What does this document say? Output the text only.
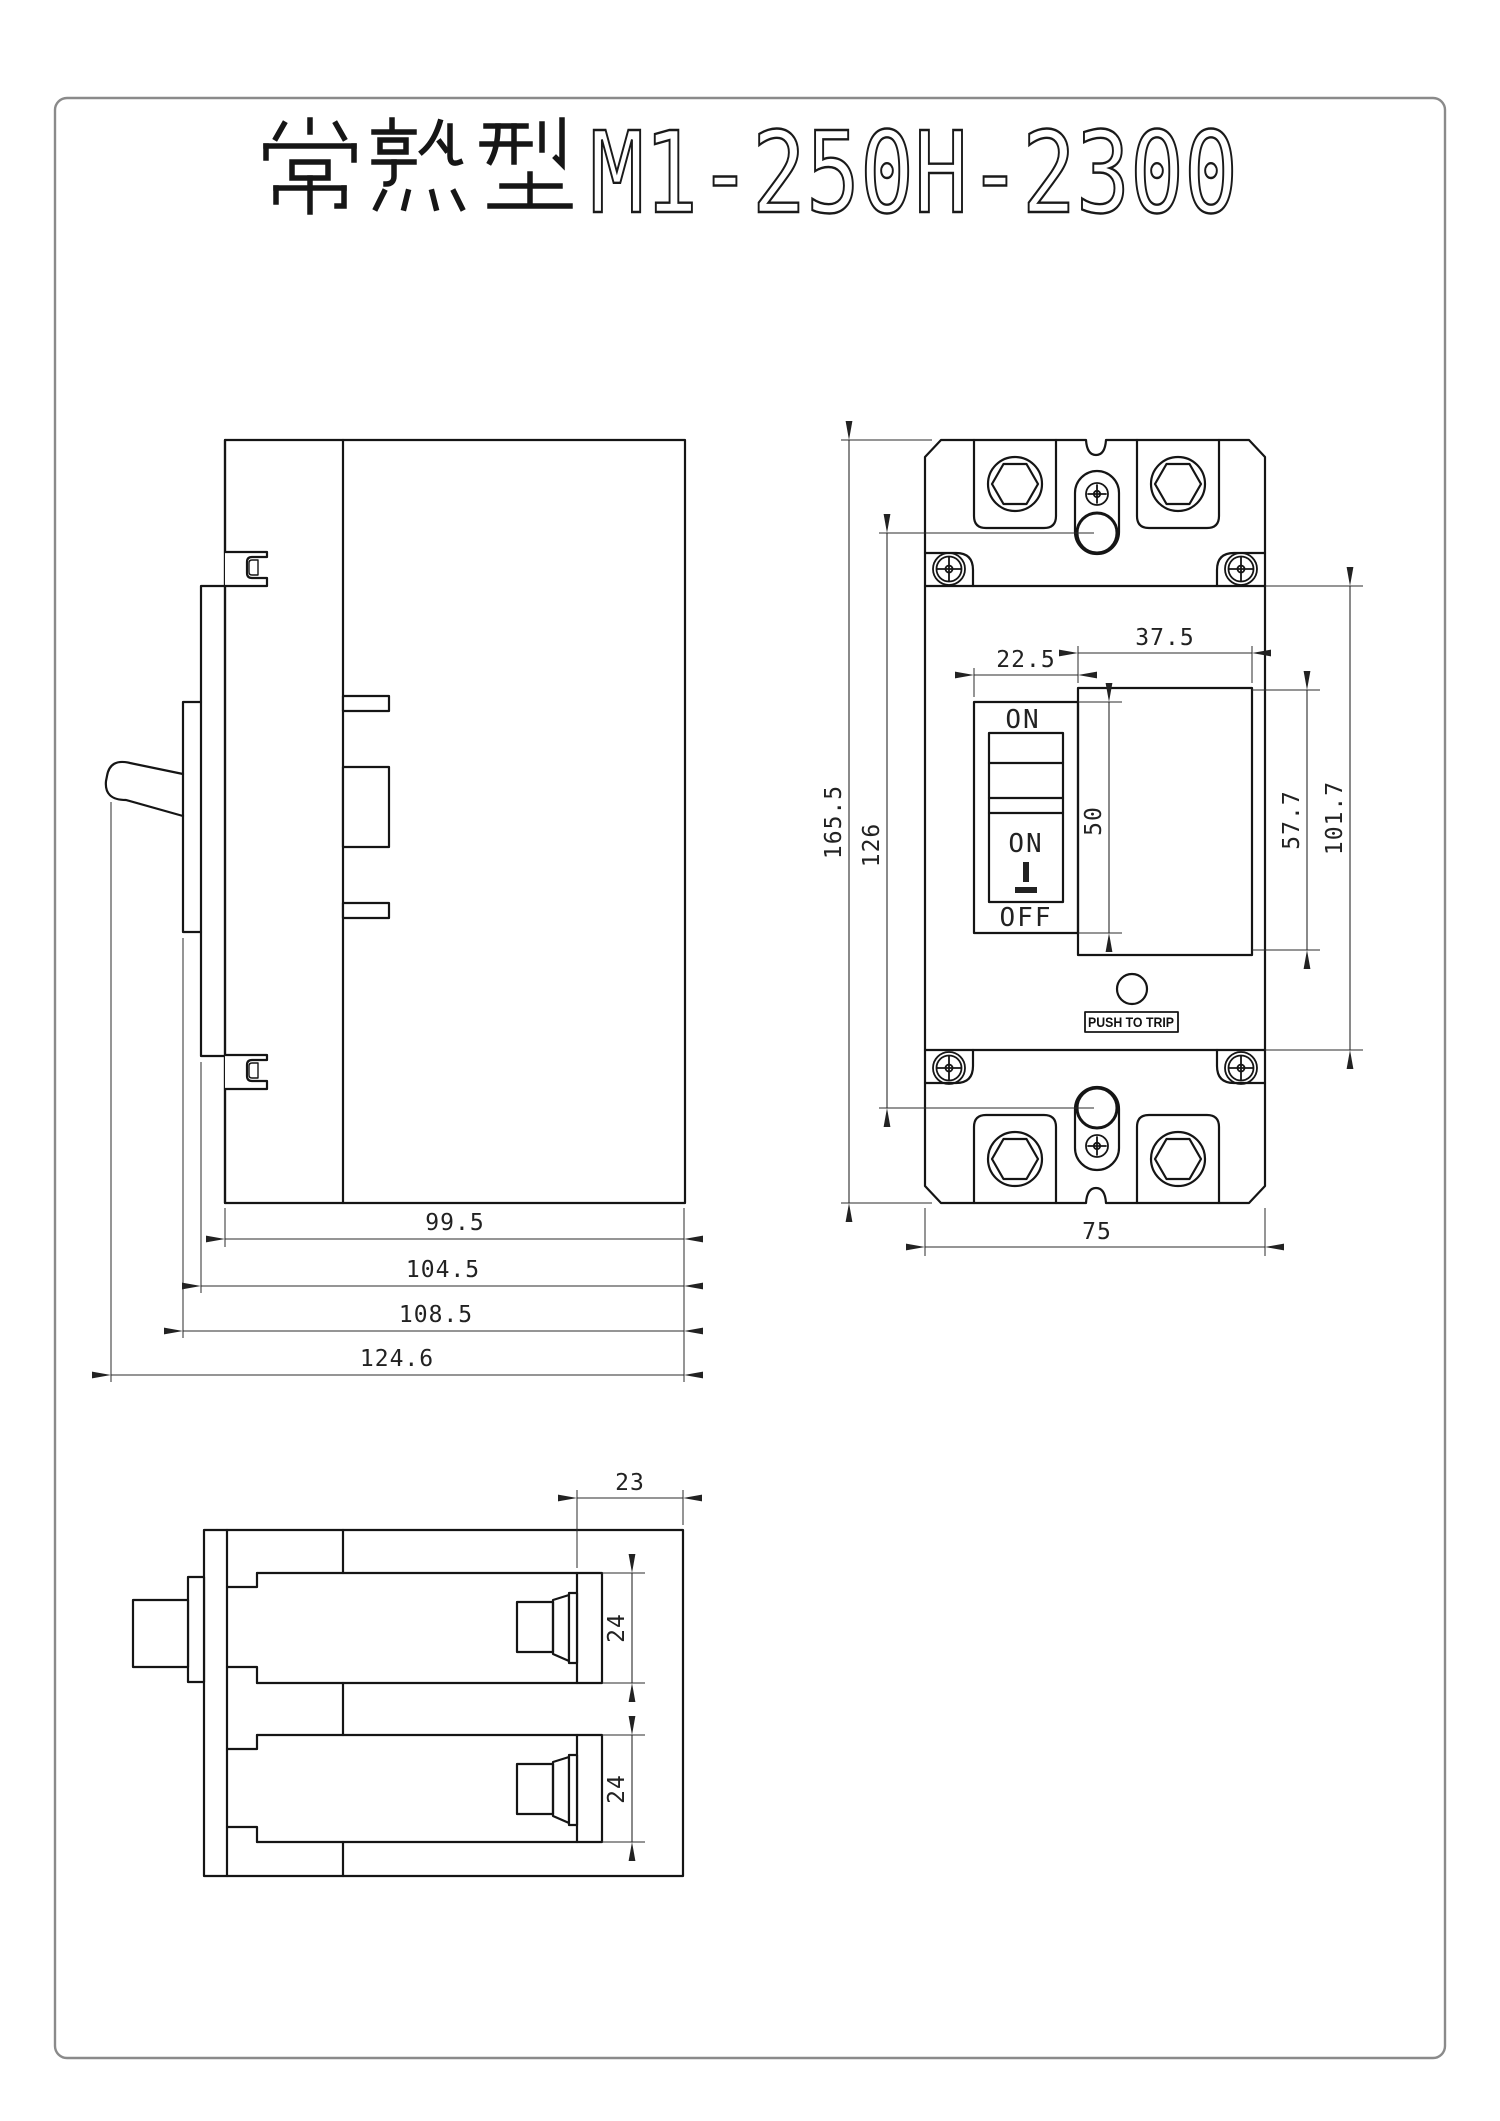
M1-250H-2300
99.5
104.5
108.5
124.6
ON
ON
OFF
PUSH TO TRIP
165.5 126
22.5
37.5
50	57.7 101.7
75
23
24
24
